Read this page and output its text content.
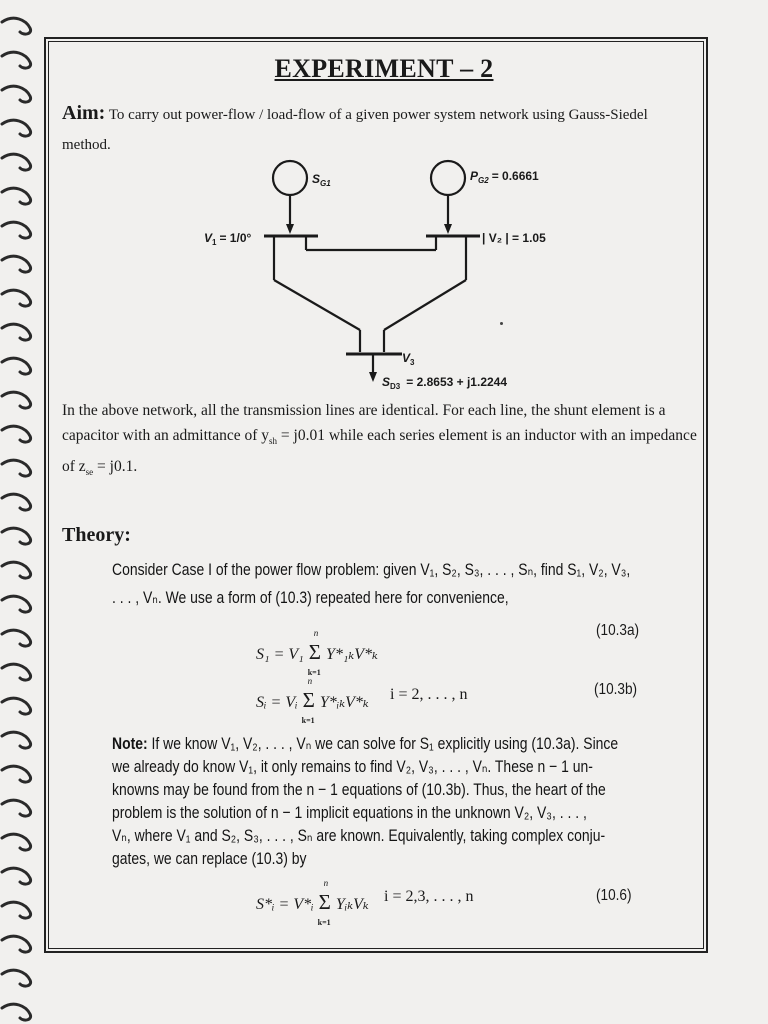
EXPERIMENT – 2
Aim: To carry out power-flow / load-flow of a given power system network using Gauss-Siedel method.
$S_{G1}$
$P_{G2} = 0.6661$
$V_1 = 1/0^\circ$	| V₂ | = 1.05
$V_3$
$S_{D3} = 2.8653 + j1.2244$
In the above network, all the transmission lines are identical. For each line, the shunt element is a capacitor with an admittance of $y_{sh} = j0.01$ while each series element is an inductor with an impedance of $z_{se} = j0.1$.
Theory:
Consider Case I of the power flow problem: given V₁, S₂, S₃, . . . , Sₙ, find S₁, V₂, V₃,
. . . , Vₙ. We use a form of (10.3) repeated here for convenience,
S₁ = V₁ Σ
n
k=1
Y*₁ₖV*ₖ
(10.3a)
Sᵢ = Vᵢ Σ
n
k=1
Y*ᵢₖV*ₖ i = 2, . . . , n	(10.3b)
Note: If we know V₁, V₂, . . . , Vₙ we can solve for S₁ explicitly using (10.3a). Since
we already do know V₁, it only remains to find V₂, V₃, . . . , Vₙ. These n − 1 un-
knowns may be found from the n − 1 equations of (10.3b). Thus, the heart of the
problem is the solution of n − 1 implicit equations in the unknown V₂, V₃, . . . ,
Vₙ, where V₁ and S₂, S₃, . . . , Sₙ are known. Equivalently, taking complex conju-
gates, we can replace (10.3) by
S*ᵢ = V*ᵢ Σ
n
k=1
YᵢₖVₖ i = 2,3, . . . , n	(10.6)
